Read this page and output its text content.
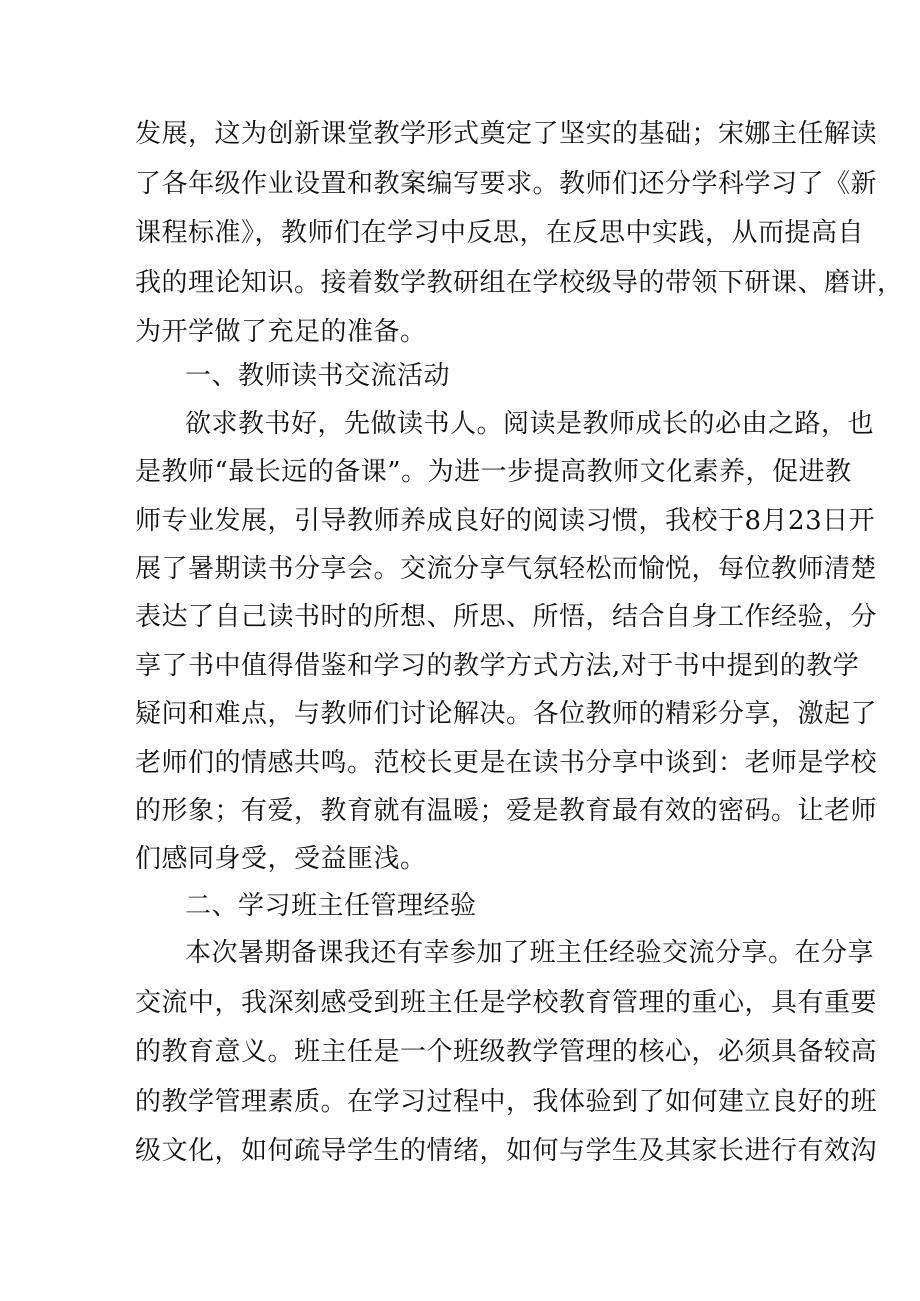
发展，这为创新课堂教学形式奠定了坚实的基础；宋娜主任解读
了各年级作业设置和教案编写要求。教师们还分学科学习了《新
课程标准》，教师们在学习中反思，在反思中实践，从而提高自
我的理论知识。接着数学教研组在学校级导的带领下研课、磨讲，
为开学做了充足的准备。
一、教师读书交流活动
欲求教书好，先做读书人。阅读是教师成长的必由之路，也
是教师“最长远的备课”。为进一步提高教师文化素养，促进教
师专业发展，引导教师养成良好的阅读习惯，我校于8月23日开
展了暑期读书分享会。交流分享气氛轻松而愉悦，每位教师清楚
表达了自己读书时的所想、所思、所悟，结合自身工作经验，分
享了书中值得借鉴和学习的教学方式方法,对于书中提到的教学
疑问和难点，与教师们讨论解决。各位教师的精彩分享，激起了
老师们的情感共鸣。范校长更是在读书分享中谈到：老师是学校
的形象；有爱，教育就有温暖；爱是教育最有效的密码。让老师
们感同身受，受益匪浅。
二、学习班主任管理经验
本次暑期备课我还有幸参加了班主任经验交流分享。在分享
交流中，我深刻感受到班主任是学校教育管理的重心，具有重要
的教育意义。班主任是一个班级教学管理的核心，必须具备较高
的教学管理素质。在学习过程中，我体验到了如何建立良好的班
级文化，如何疏导学生的情绪，如何与学生及其家长进行有效沟
